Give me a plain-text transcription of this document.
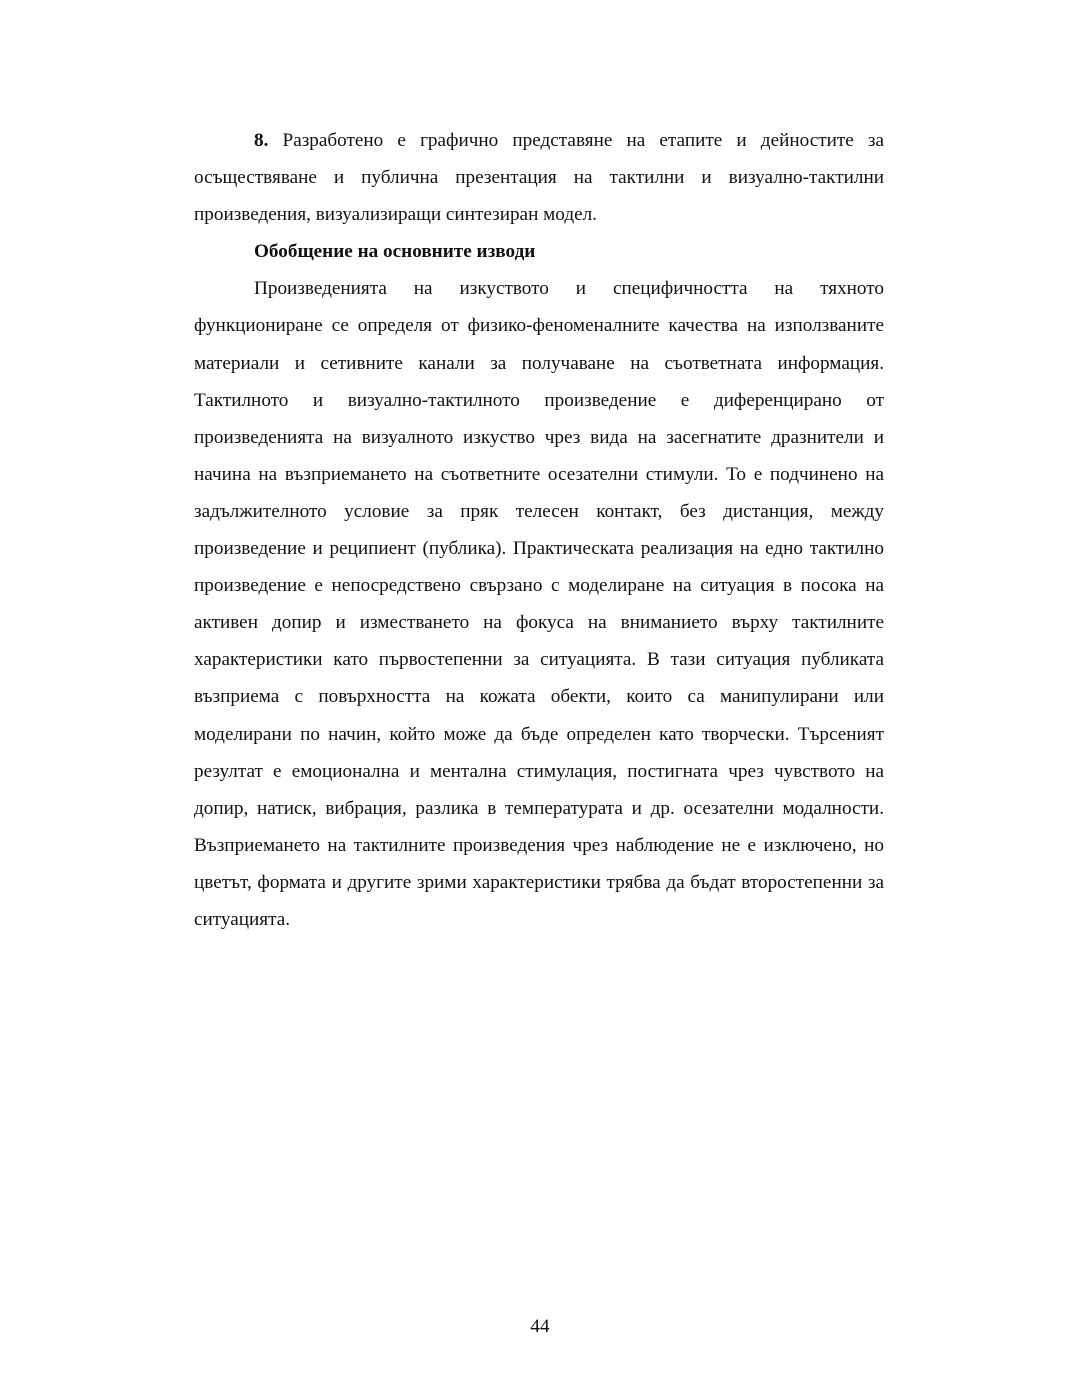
8. Разработено е графично представяне на етапите и дейностите за осъществяване и публична презентация на тактилни и визуално-тактилни произведения, визуализиращи синтезиран модел.

Обобщение на основните изводи

Произведенията на изкуството и специфичността на тяхното функциониране се определя от физико-феноменалните качества на използваните материали и сетивните канали за получаване на съответната информация. Тактилното и визуално-тактилното произведение е диференцирано от произведенията на визуалното изкуство чрез вида на засегнатите дразнители и начина на възприемането на съответните осезателни стимули. То е подчинено на задължителното условие за пряк телесен контакт, без дистанция, между произведение и реципиент (публика). Практическата реализация на едно тактилно произведение е непосредствено свързано с моделиране на ситуация в посока на активен допир и изместването на фокуса на вниманието върху тактилните характеристики като първостепенни за ситуацията. В тази ситуация публиката възприема с повърхността на кожата обекти, които са манипулирани или моделирани по начин, който може да бъде определен като творчески. Търсеният резултат е емоционална и ментална стимулация, постигната чрез чувството на допир, натиск, вибрация, разлика в температурата и др. осезателни модалности. Възприемането на тактилните произведения чрез наблюдение не е изключено, но цветът, формата и другите зрими характеристики трябва да бъдат второстепенни за ситуацията.

44
